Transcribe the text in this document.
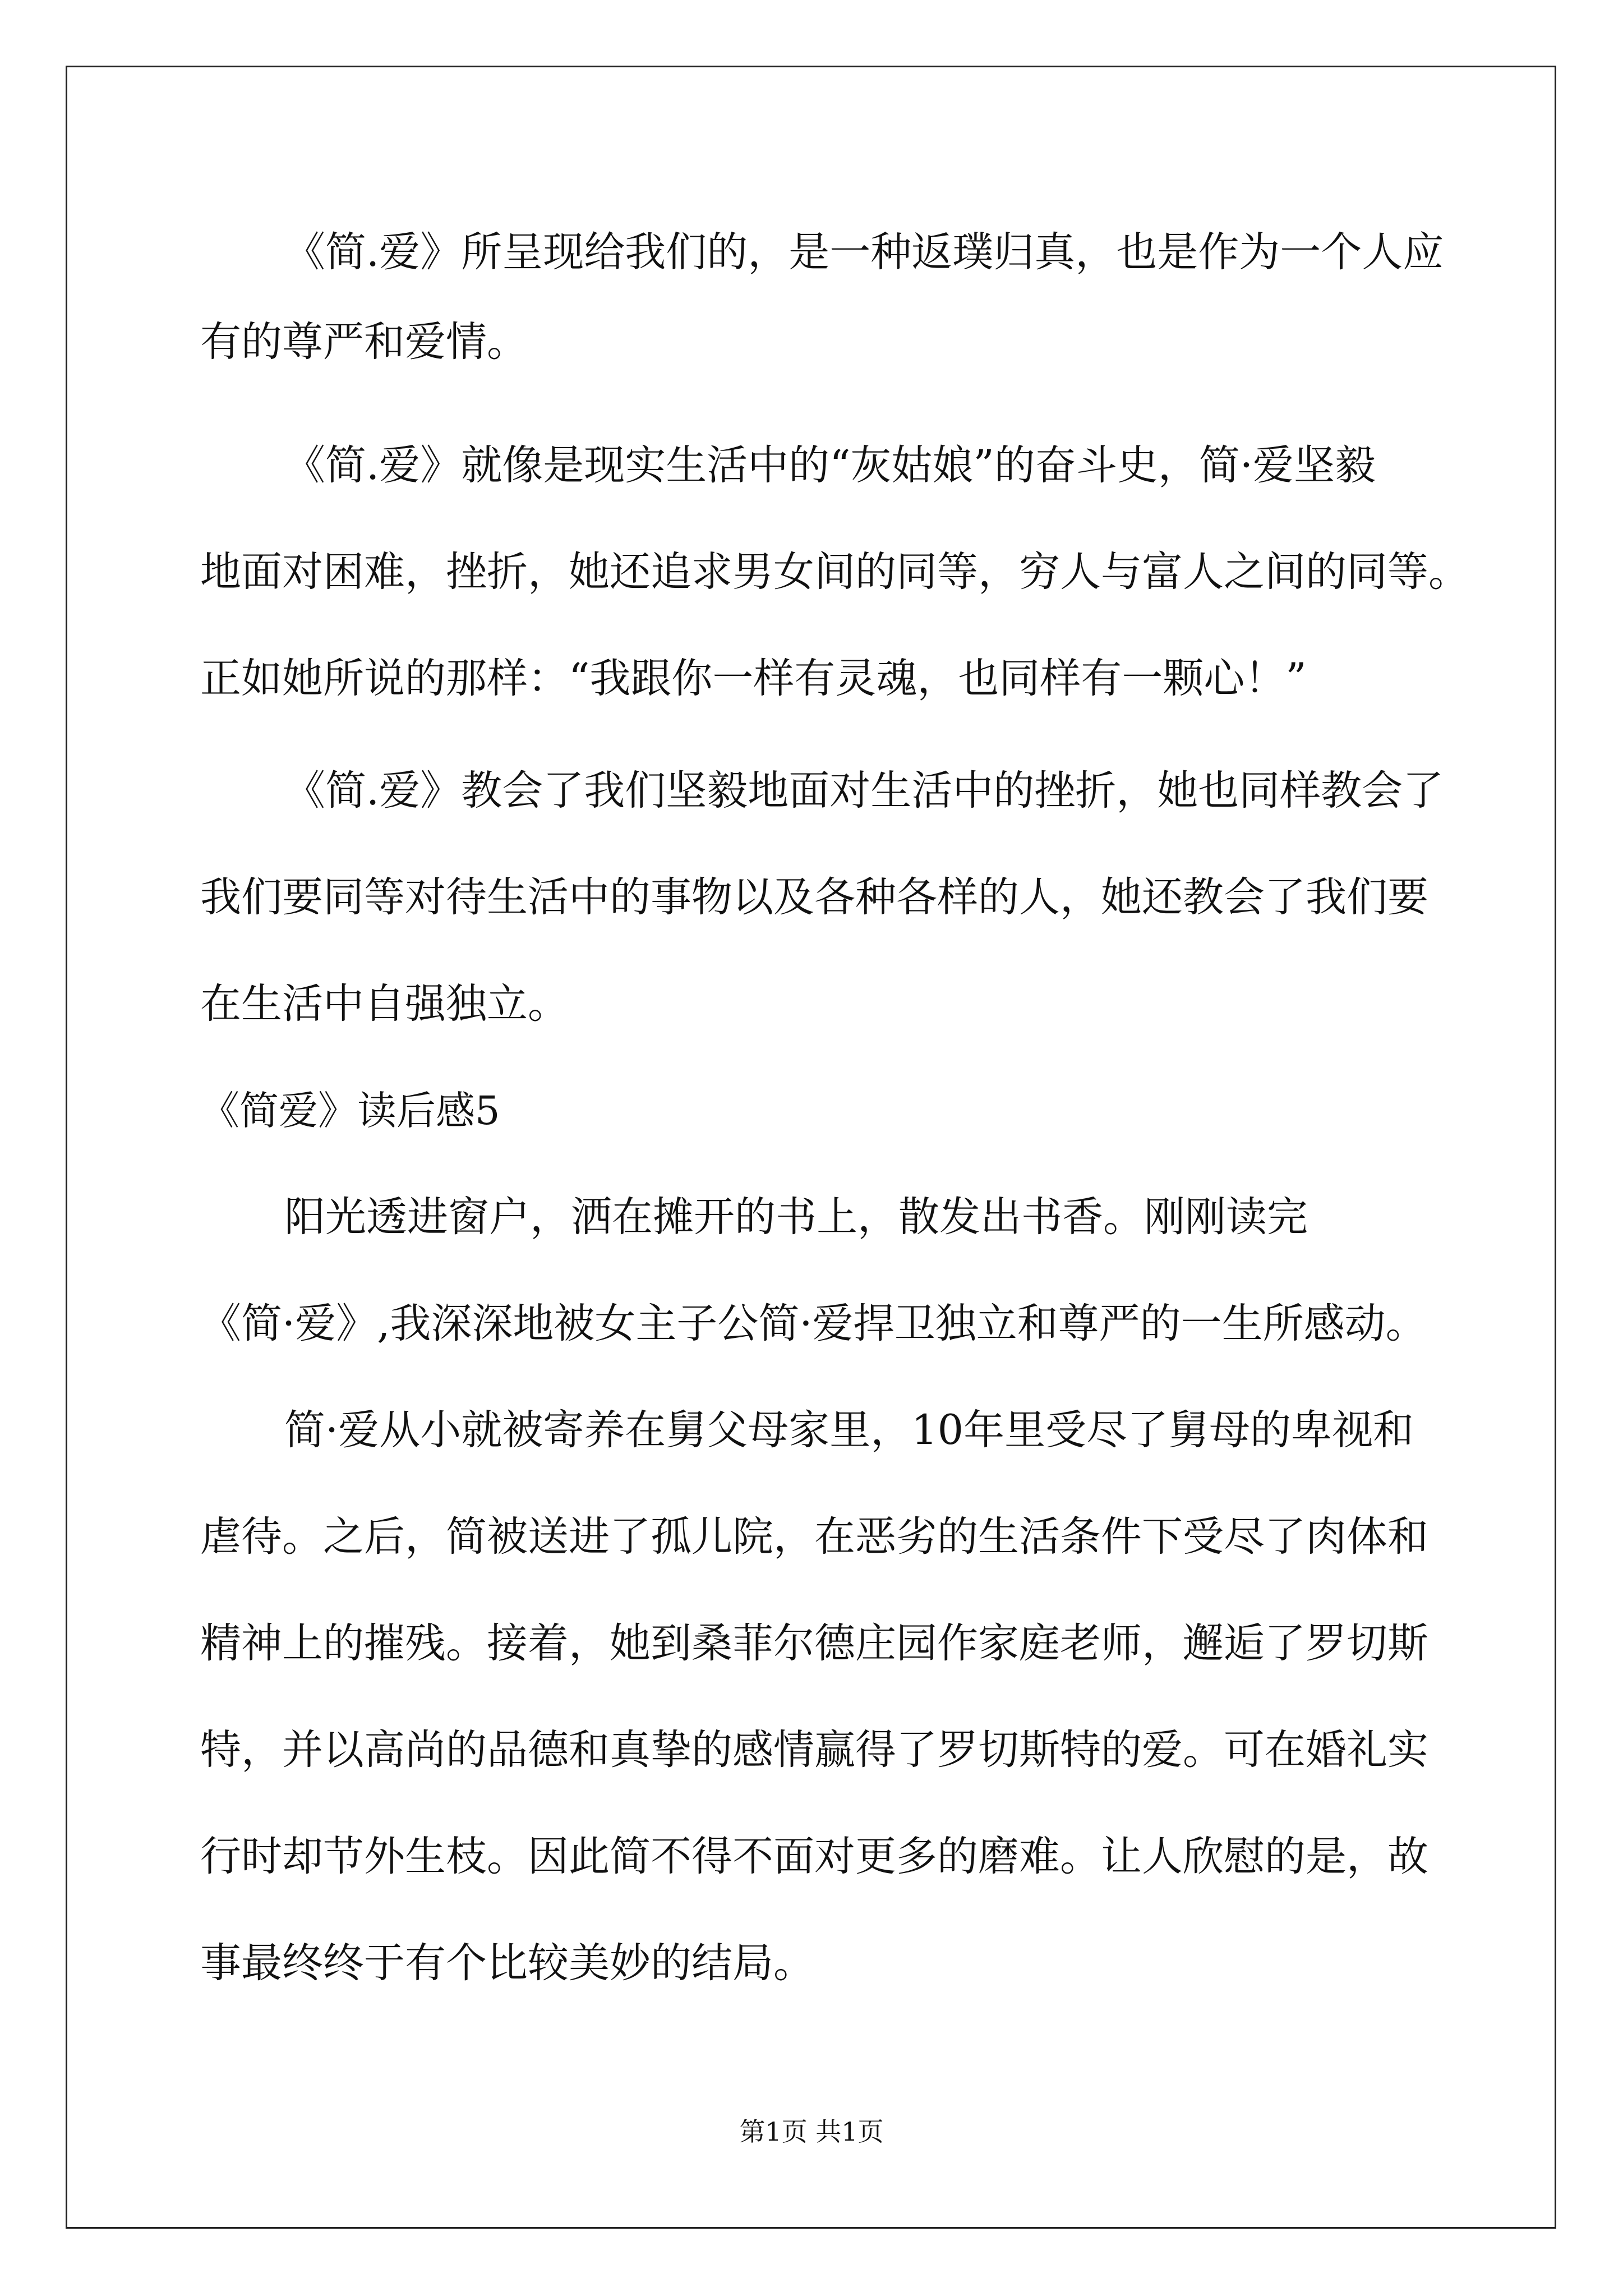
《简.爱》所呈现给我们的，是一种返璞归真，也是作为一个人应
有的尊严和爱情。
《简.爱》就像是现实生活中的“灰姑娘”的奋斗史，简·爱坚毅
地面对困难，挫折，她还追求男女间的同等，穷人与富人之间的同等。
正如她所说的那样：“我跟你一样有灵魂，也同样有一颗心！”
《简.爱》教会了我们坚毅地面对生活中的挫折，她也同样教会了
我们要同等对待生活中的事物以及各种各样的人，她还教会了我们要
在生活中自强独立。
《简爱》读后感5
阳光透进窗户，洒在摊开的书上，散发出书香。刚刚读完
《简·爱》,我深深地被女主子公简·爱捍卫独立和尊严的一生所感动。
简·爱从小就被寄养在舅父母家里，10年里受尽了舅母的卑视和
虐待。之后，简被送进了孤儿院，在恶劣的生活条件下受尽了肉体和
精神上的摧残。接着，她到桑菲尔德庄园作家庭老师，邂逅了罗切斯
特，并以高尚的品德和真挚的感情赢得了罗切斯特的爱。可在婚礼实
行时却节外生枝。因此简不得不面对更多的磨难。让人欣慰的是，故
事最终终于有个比较美妙的结局。
第1页 共1页
